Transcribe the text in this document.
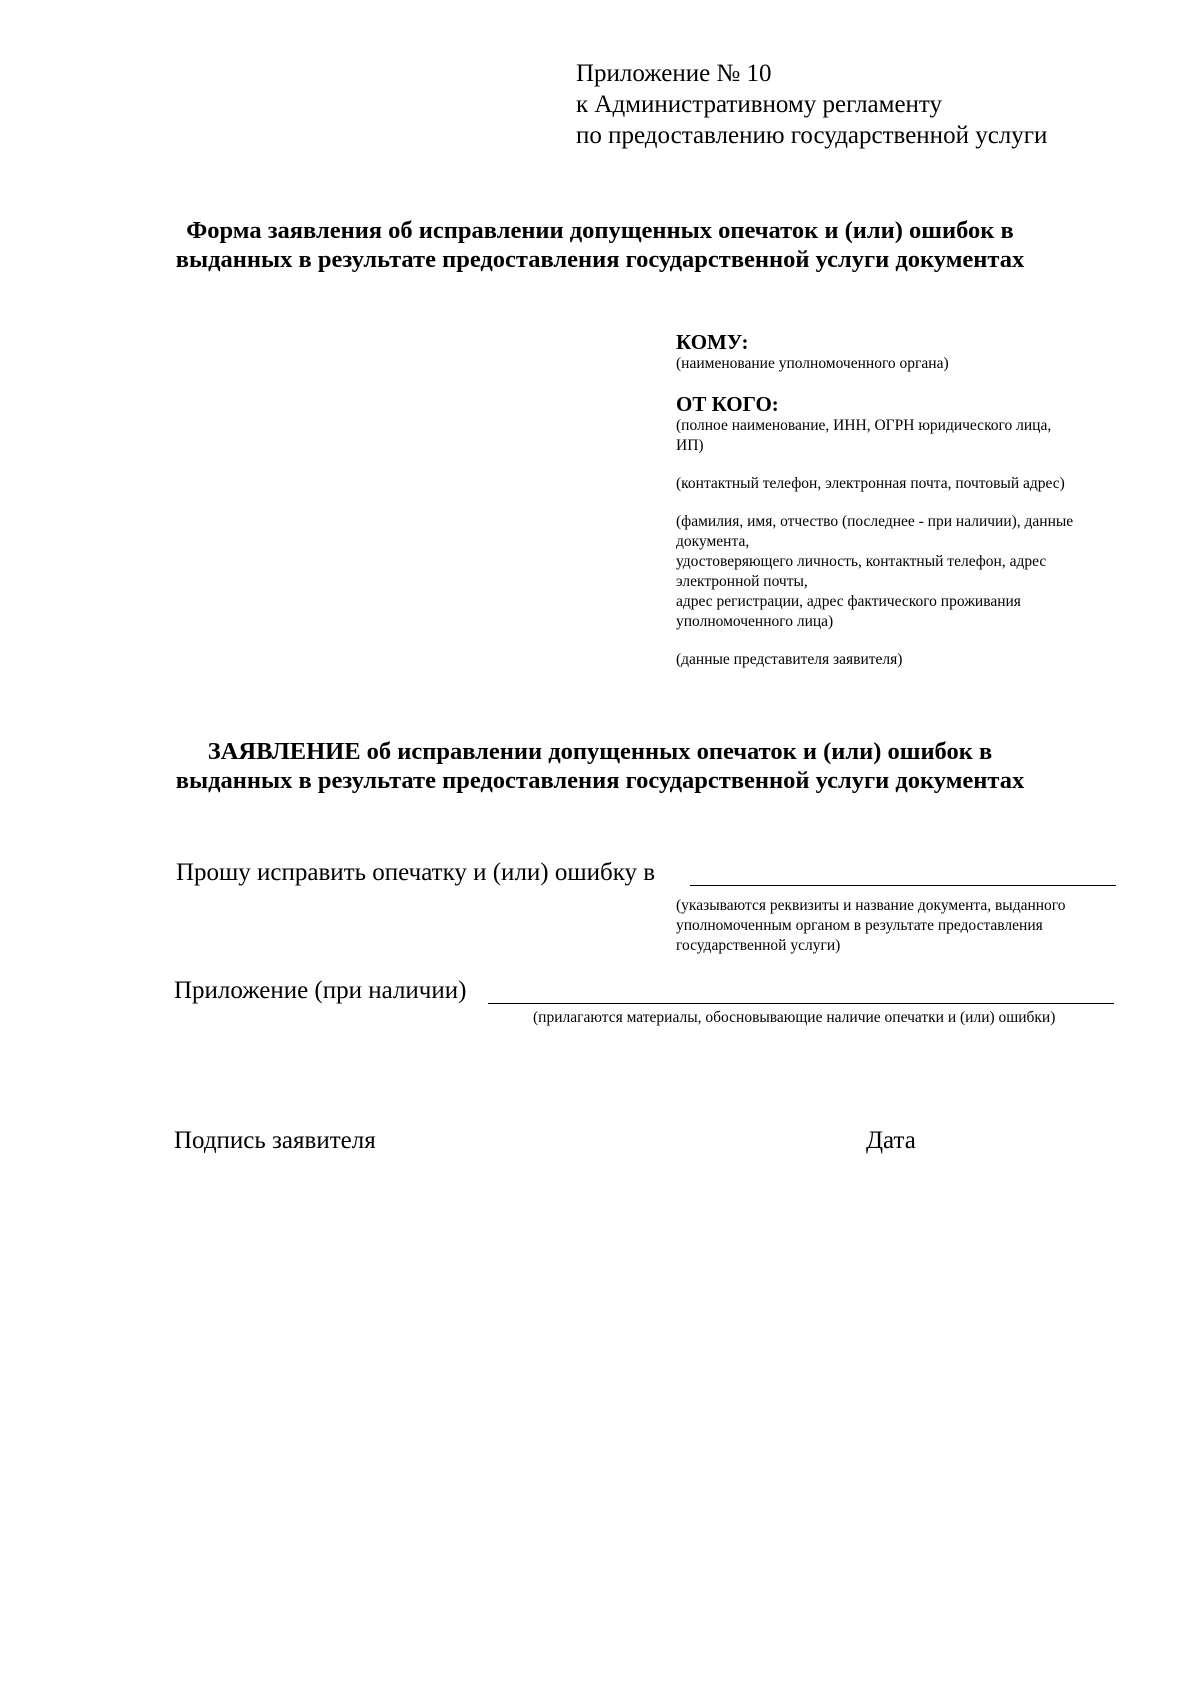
Приложение № 10
к Административному регламенту
по предоставлению государственной услуги
Форма заявления об исправлении допущенных опечаток и (или) ошибок в
выданных в результате предоставления государственной услуги документах
КОМУ:
(наименование уполномоченного органа)
ОТ КОГО:
(полное наименование, ИНН, ОГРН юридического лица,
ИП)
(контактный телефон, электронная почта, почтовый адрес)
(фамилия, имя, отчество (последнее - при наличии), данные
документа,
удостоверяющего личность, контактный телефон, адрес
электронной почты,
адрес регистрации, адрес фактического проживания
уполномоченного лица)
(данные представителя заявителя)
ЗАЯВЛЕНИЕ об исправлении допущенных опечаток и (или) ошибок в
выданных в результате предоставления государственной услуги документах
Прошу исправить опечатку и (или) ошибку в
(указываются реквизиты и название документа, выданного
уполномоченным органом в результате предоставления
государственной услуги)
Приложение (при наличии)
(прилагаются материалы, обосновывающие наличие опечатки и (или) ошибки)
Подпись заявителя	Дата
